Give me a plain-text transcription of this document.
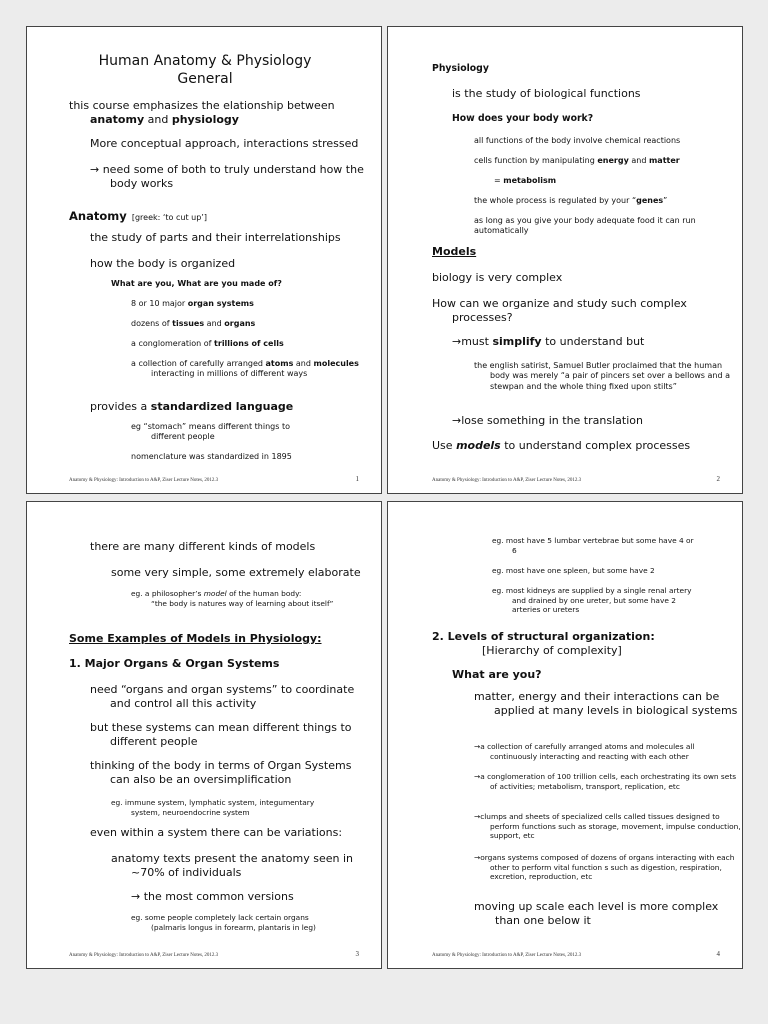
Human Anatomy & Physiology
General
this course emphasizes the elationship between
anatomy and physiology
More conceptual approach, interactions stressed
→ need some of both to truly understand how the
body works
Anatomy [greek: ‘to cut up’]
the study of parts and their interrelationships
how the body is organized
What are you, What are you made of?
8 or 10 major organ systems
dozens of tissues and organs
a conglomeration of trillions of cells
a collection of carefully arranged atoms and molecules interacting in millions of different ways
provides a standardized language
eg “stomach” means different things to
different people
nomenclature was standardized in 1895
Anatomy & Physiology: Introduction to A&P, Ziser Lecture Notes, 2012.3	1
Physiology
is the study of biological functions
How does your body work?
all functions of the body involve chemical reactions
cells function by manipulating energy and matter
= metabolism
the whole process is regulated by your “genes”
as long as you give your body adequate food it can run automatically
Models
biology is very complex
How can we organize and study such complex
processes?
→must simplify to understand but
the english satirist, Samuel Butler proclaimed that the human body was merely “a pair of pincers set over a bellows and a stewpan and the whole thing fixed upon stilts”
→lose something in the translation
Use models to understand complex processes
Anatomy & Physiology: Introduction to A&P, Ziser Lecture Notes, 2012.3	2
there are many different kinds of models
some very simple, some extremely elaborate
eg. a philosopher’s model of the human body:
“the body is natures way of learning about itself”
Some Examples of Models in Physiology:
1. Major Organs & Organ Systems
need “organs and organ systems” to coordinate
and control all this activity
but these systems can mean different things to
different people
thinking of the body in terms of Organ Systems
can also be an oversimplification
eg. immune system, lymphatic system, integumentary
system, neuroendocrine system
even within a system there can be variations:
anatomy texts present the anatomy seen in
~70% of individuals
→ the most common versions
eg. some people completely lack certain organs
(palmaris longus in forearm, plantaris in leg)
Anatomy & Physiology: Introduction to A&P, Ziser Lecture Notes, 2012.3	3
eg. most have 5 lumbar vertebrae but some have 4 or
6
eg. most have one spleen, but some have 2
eg. most kidneys are supplied by a single renal artery
and drained by one ureter, but some have 2
arteries or ureters
2. Levels of structural organization:
[Hierarchy of complexity]
What are you?
matter, energy and their interactions can be applied at many levels in biological systems
→a collection of carefully arranged atoms and molecules all continuously interacting and reacting with each other
→a conglomeration of 100 trillion cells, each orchestrating its own sets of activities; metabolism, transport, replication, etc
→clumps and sheets of specialized cells called tissues designed to perform functions such as storage, movement, impulse conduction, support, etc
→organs systems composed of dozens of organs interacting with each other to perform vital function s such as digestion, respiration, excretion, reproduction, etc
moving up scale each level is more complex
than one below it
Anatomy & Physiology: Introduction to A&P, Ziser Lecture Notes, 2012.3	4
